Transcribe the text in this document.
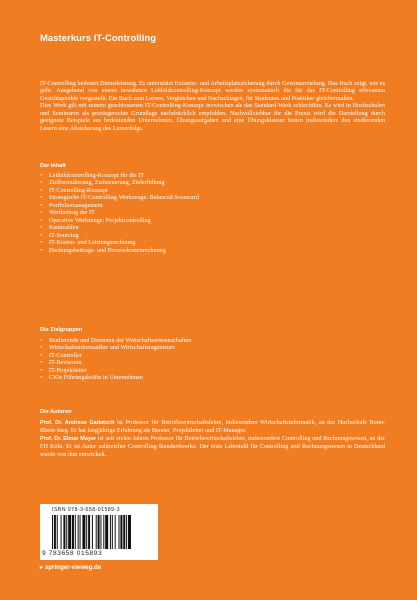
Masterkurs IT-Controlling

IT-Controlling bedeutet Dienstleistung. Es unterstützt Existenz- und Arbeitsplatzsicherung durch Gewinnerzielung. Das Buch zeigt, wie es geht. Ausgehend von einem bewährten Leitbildcontrolling-Konzept werden systematisch die für das IT-Controlling relevanten Gesichtspunkte vorgestellt. Ein Buch zum Lernen, Vergleichen und Nachschlagen, für Studenten und Praktiker gleichermaßen.

Dies Werk gilt mit seinem geschlossenen IT-Controlling-Konzept inzwischen als das Standard-Werk schlechthin. Es wird in Hochschulen und Seminaren als praxisgerechte Grundlage nachdrücklich empfohlen. Nachvollziehbar für die Praxis wird die Darstellung durch geeignete Beispiele aus bedeutenden Unternehmen. Übungsaufgaben und eine Übungsklausur bieten insbesondere den studierenden Lesern eine Absicherung des Lernerfolgs.

Der Inhalt
• Leitbildcontrolling-Konzept für die IT
• Zielformulierung, Zielsteuerung, Zielerfüllung
• IT-Controlling-Konzept
• Strategische IT-Controlling-Werkzeuge: Balanced Scorecard
• Portfoliomanagement
• Wertbeitrag der IT
• Operative Werkzeuge: Projektcontrolling
• Kennzahlen
• IT-Sourcing
• IT-Kosten- und Leistungsrechnung
• Deckungsbeitrags- und Prozesskostenrechnung
Die Zielgruppen
• Studierende und Dozenten der Wirtschaftswissenschaften
• Wirtschaftsinformatiker und Wirtschaftsingenieure
• IT-Controller
• IT-Revisoren
• IT-Projektleiter
• CIOs Führungskräfte in Unternehmen
Die Autoren

Prof. Dr. Andreas Gadatsch ist Professor für Betriebswirtschaftslehre, insbesondere Wirtschaftsinformatik, an der Hochschule Bonn-Rhein-Sieg. Er hat langjährige Erfahrung als Berater, Projektleiter und IT-Manager.

Prof. Dr. Elmar Mayer ist seit vielen Jahren Professor für Betriebswirtschaftslehre, insbesondere Controlling und Rechnungswesen, an der FH Köln. Er ist Autor zahlreicher Controlling-Standardwerke. Der erste Lehrstuhl für Controlling und Rechnungswesen in Deutschland wurde von ihm entwickelt.

ISBN 978-3-658-01589-3
9 783658 015893
▸ springer-vieweg.de
